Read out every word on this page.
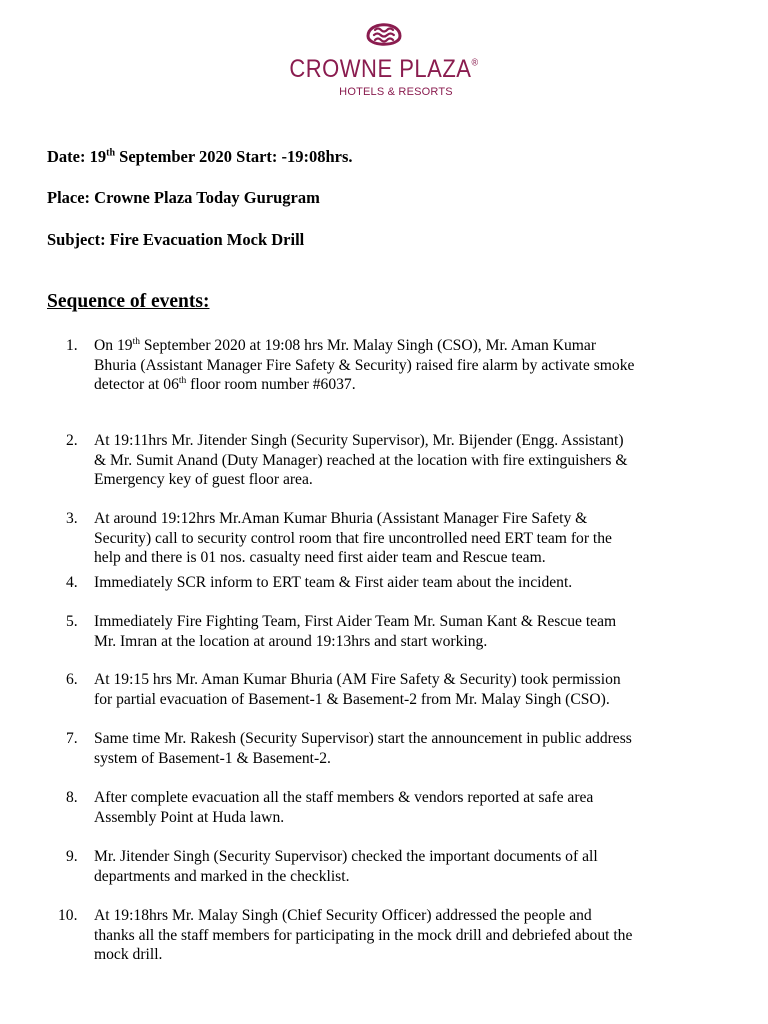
CROWNE PLAZA®
HOTELS & RESORTS
Date: 19th September 2020 Start: -19:08hrs.
Place: Crowne Plaza Today Gurugram
Subject: Fire Evacuation Mock Drill
Sequence of events:
1.	On 19th September 2020 at 19:08 hrs Mr. Malay Singh (CSO), Mr. Aman Kumar
Bhuria (Assistant Manager Fire Safety & Security) raised fire alarm by activate smoke
detector at 06th floor room number #6037.
2.	At 19:11hrs Mr. Jitender Singh (Security Supervisor), Mr. Bijender (Engg. Assistant)
& Mr. Sumit Anand (Duty Manager) reached at the location with fire extinguishers &
Emergency key of guest floor area.
3.	At around 19:12hrs Mr.Aman Kumar Bhuria (Assistant Manager Fire Safety &
Security) call to security control room that fire uncontrolled need ERT team for the
help and there is 01 nos. casualty need first aider team and Rescue team.
4.	Immediately SCR inform to ERT team & First aider team about the incident.
5.	Immediately Fire Fighting Team, First Aider Team Mr. Suman Kant & Rescue team
Mr. Imran at the location at around 19:13hrs and start working.
6.	At 19:15 hrs Mr. Aman Kumar Bhuria (AM Fire Safety & Security) took permission
for partial evacuation of Basement-1 & Basement-2 from Mr. Malay Singh (CSO).
7.	Same time Mr. Rakesh (Security Supervisor) start the announcement in public address
system of Basement-1 & Basement-2.
8.	After complete evacuation all the staff members & vendors reported at safe area
Assembly Point at Huda lawn.
9.	Mr. Jitender Singh (Security Supervisor) checked the important documents of all
departments and marked in the checklist.
10. At 19:18hrs Mr. Malay Singh (Chief Security Officer) addressed the people and
thanks all the staff members for participating in the mock drill and debriefed about the
mock drill.
